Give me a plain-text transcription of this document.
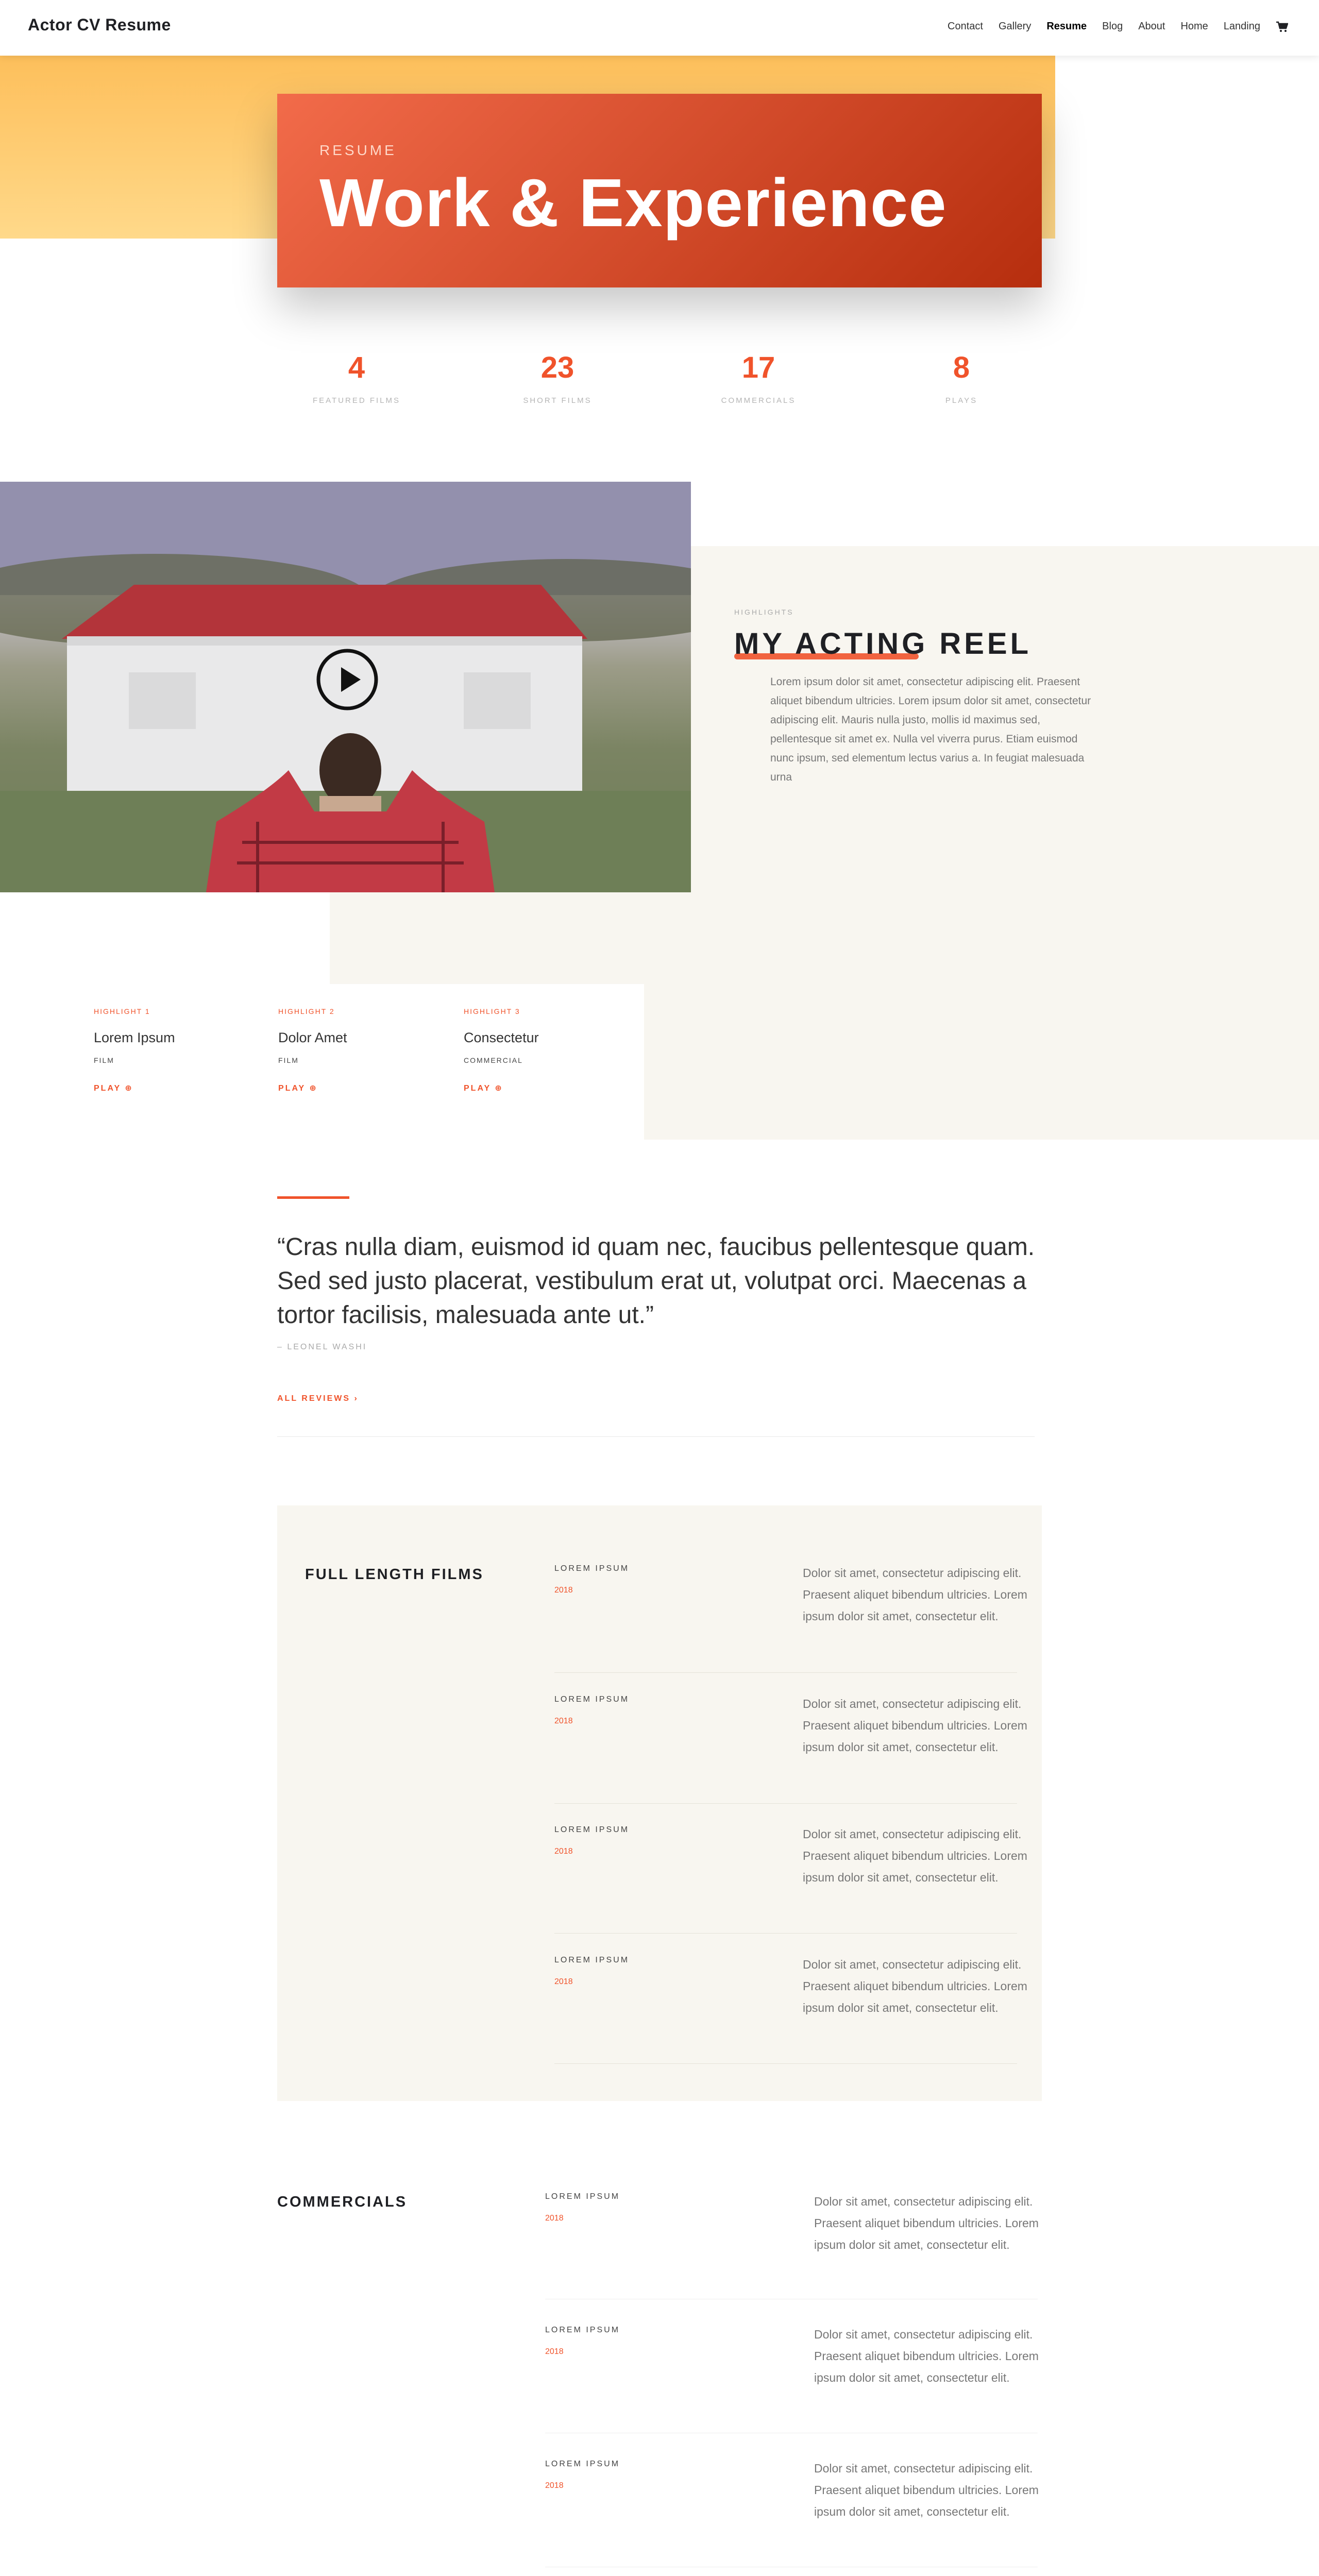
Actor CV Resume	Contact Gallery Resume Blog About Home Landing
RESUME
Work & Experience
4
FEATURED FILMS
23
SHORT FILMS
17
COMMERCIALS
8
PLAYS
HIGHLIGHTS
MY ACTING REEL
Lorem ipsum dolor sit amet, consectetur adipiscing elit. Praesent aliquet bibendum ultricies. Lorem ipsum dolor sit amet, consectetur adipiscing elit. Mauris nulla justo, mollis id maximus sed, pellentesque sit amet ex. Nulla vel viverra purus. Etiam euismod nunc ipsum, sed elementum lectus varius a. In feugiat malesuada urna
HIGHLIGHT 1
Lorem Ipsum
FILM
PLAY ⊕
HIGHLIGHT 2
Dolor Amet
FILM
PLAY ⊕
HIGHLIGHT 3
Consectetur
COMMERCIAL
PLAY ⊕
“Cras nulla diam, euismod id quam nec, faucibus pellentesque quam. Sed sed justo placerat, vestibulum erat ut, volutpat orci. Maecenas a tortor facilisis, malesuada ante ut.”
– LEONEL WASHI
ALL REVIEWS ›
FULL LENGTH FILMS	LOREM IPSUM
2018
Dolor sit amet, consectetur adipiscing elit. Praesent aliquet bibendum ultricies. Lorem ipsum dolor sit amet, consectetur elit.
LOREM IPSUM
2018
Dolor sit amet, consectetur adipiscing elit. Praesent aliquet bibendum ultricies. Lorem ipsum dolor sit amet, consectetur elit.
LOREM IPSUM
2018
Dolor sit amet, consectetur adipiscing elit. Praesent aliquet bibendum ultricies. Lorem ipsum dolor sit amet, consectetur elit.
LOREM IPSUM
2018
Dolor sit amet, consectetur adipiscing elit. Praesent aliquet bibendum ultricies. Lorem ipsum dolor sit amet, consectetur elit.
COMMERCIALS	LOREM IPSUM
2018
Dolor sit amet, consectetur adipiscing elit. Praesent aliquet bibendum ultricies. Lorem ipsum dolor sit amet, consectetur elit.
LOREM IPSUM
2018
Dolor sit amet, consectetur adipiscing elit. Praesent aliquet bibendum ultricies. Lorem ipsum dolor sit amet, consectetur elit.
LOREM IPSUM
2018
Dolor sit amet, consectetur adipiscing elit. Praesent aliquet bibendum ultricies. Lorem ipsum dolor sit amet, consectetur elit.
